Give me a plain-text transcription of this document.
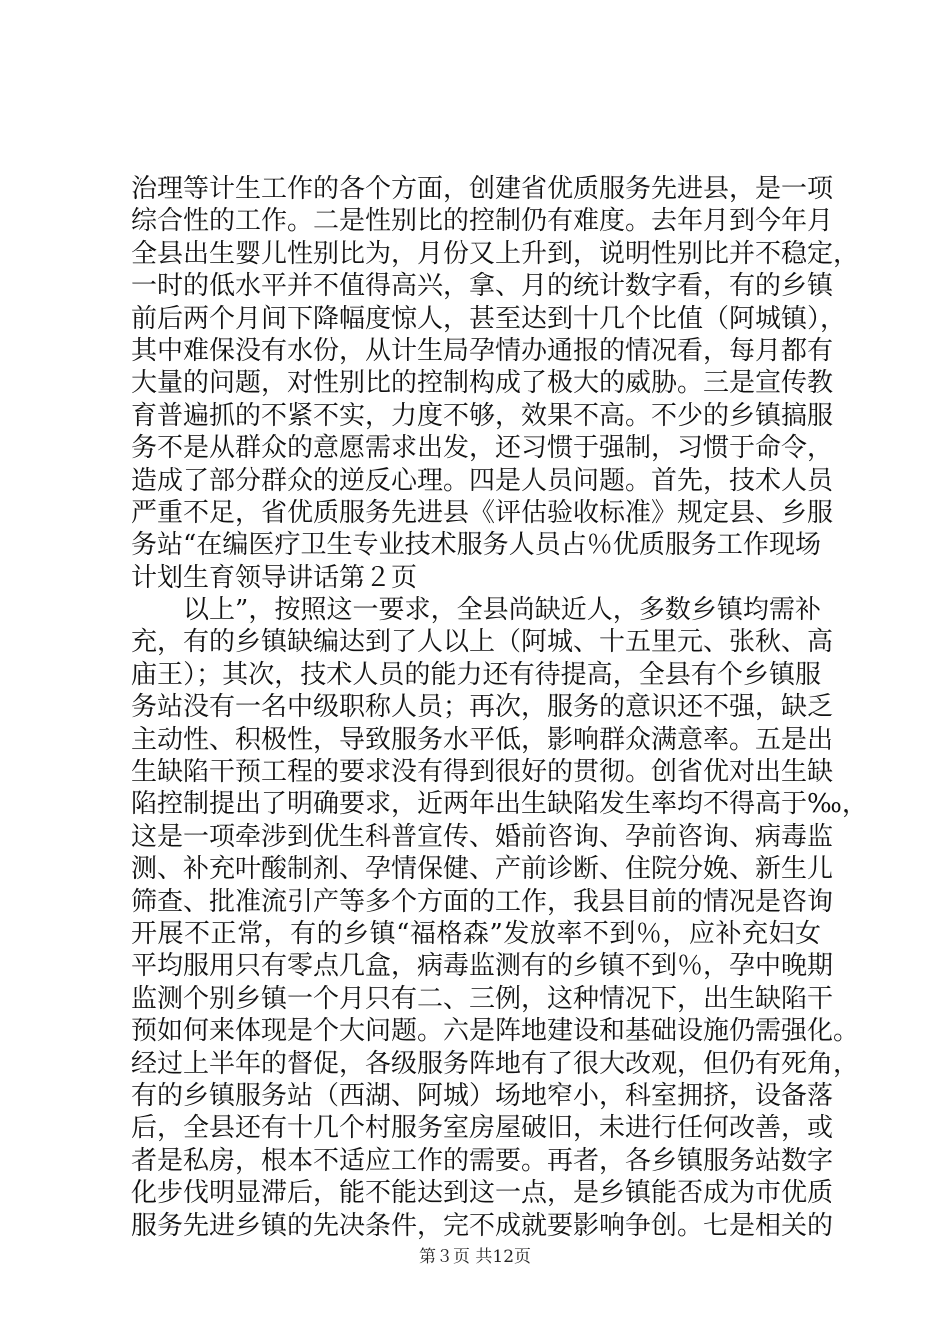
治理等计生工作的各个方面，创建省优质服务先进县，是一项
综合性的工作。二是性别比的控制仍有难度。去年月到今年月
全县出生婴儿性别比为，月份又上升到，说明性别比并不稳定，
一时的低水平并不值得高兴，拿、月的统计数字看，有的乡镇
前后两个月间下降幅度惊人，甚至达到十几个比值（阿城镇），
其中难保没有水份，从计生局孕情办通报的情况看，每月都有
大量的问题，对性别比的控制构成了极大的威胁。三是宣传教
育普遍抓的不紧不实，力度不够，效果不高。不少的乡镇搞服
务不是从群众的意愿需求出发，还习惯于强制，习惯于命令，
造成了部分群众的逆反心理。四是人员问题。首先，技术人员
严重不足，省优质服务先进县《评估验收标准》规定县、乡服
务站“在编医疗卫生专业技术服务人员占％优质服务工作现场
计划生育领导讲话第２页
以上”，按照这一要求，全县尚缺近人，多数乡镇均需补
充，有的乡镇缺编达到了人以上（阿城、十五里元、张秋、高
庙王）；其次，技术人员的能力还有待提高，全县有个乡镇服
务站没有一名中级职称人员；再次，服务的意识还不强，缺乏
主动性、积极性，导致服务水平低，影响群众满意率。五是出
生缺陷干预工程的要求没有得到很好的贯彻。创省优对出生缺
陷控制提出了明确要求，近两年出生缺陷发生率均不得高于‰，
这是一项牵涉到优生科普宣传、婚前咨询、孕前咨询、病毒监
测、补充叶酸制剂、孕情保健、产前诊断、住院分娩、新生儿
筛查、批准流引产等多个方面的工作，我县目前的情况是咨询
开展不正常，有的乡镇“福格森”发放率不到％，应补充妇女
平均服用只有零点几盒，病毒监测有的乡镇不到％，孕中晚期
监测个别乡镇一个月只有二、三例，这种情况下，出生缺陷干
预如何来体现是个大问题。六是阵地建设和基础设施仍需强化。
经过上半年的督促，各级服务阵地有了很大改观，但仍有死角，
有的乡镇服务站（西湖、阿城）场地窄小，科室拥挤，设备落
后，全县还有十几个村服务室房屋破旧，未进行任何改善，或
者是私房，根本不适应工作的需要。再者，各乡镇服务站数字
化步伐明显滞后，能不能达到这一点，是乡镇能否成为市优质
服务先进乡镇的先决条件，完不成就要影响争创。七是相关的
第３页 共12页
